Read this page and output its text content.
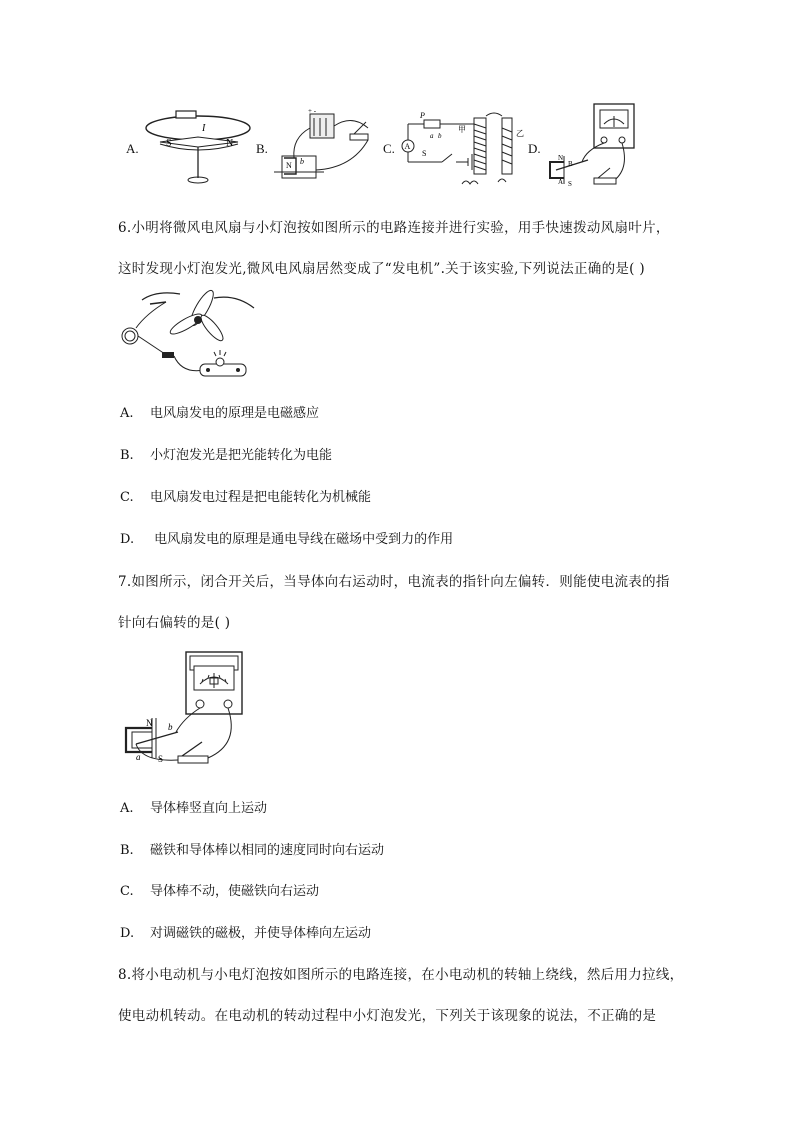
A.	S	N
I
B.
+ -
N b
C.
P
A
S
甲	乙
a b
D.
N
B
A S
6.小明将微风电风扇与小灯泡按如图所示的电路连接并进行实验，用手快速拨动风扇叶片，
这时发现小灯泡发光,微风电风扇居然变成了“发电机”.关于该实验,下列说法正确的是( )
A. 电风扇发电的原理是电磁感应
B. 小灯泡发光是把光能转化为电能
C. 电风扇发电过程是把电能转化为机械能
D. 电风扇发电的原理是通电导线在磁场中受到力的作用
7.如图所示，闭合开关后，当导体向右运动时，电流表的指针向左偏转．则能使电流表的指
针向右偏转的是( )
N b
a S
A. 导体棒竖直向上运动
B. 磁铁和导体棒以相同的速度同时向右运动
C. 导体棒不动，使磁铁向右运动
D. 对调磁铁的磁极，并使导体棒向左运动
8.将小电动机与小电灯泡按如图所示的电路连接，在小电动机的转轴上绕线，然后用力拉线，
使电动机转动。在电动机的转动过程中小灯泡发光，下列关于该现象的说法，不正确的是
